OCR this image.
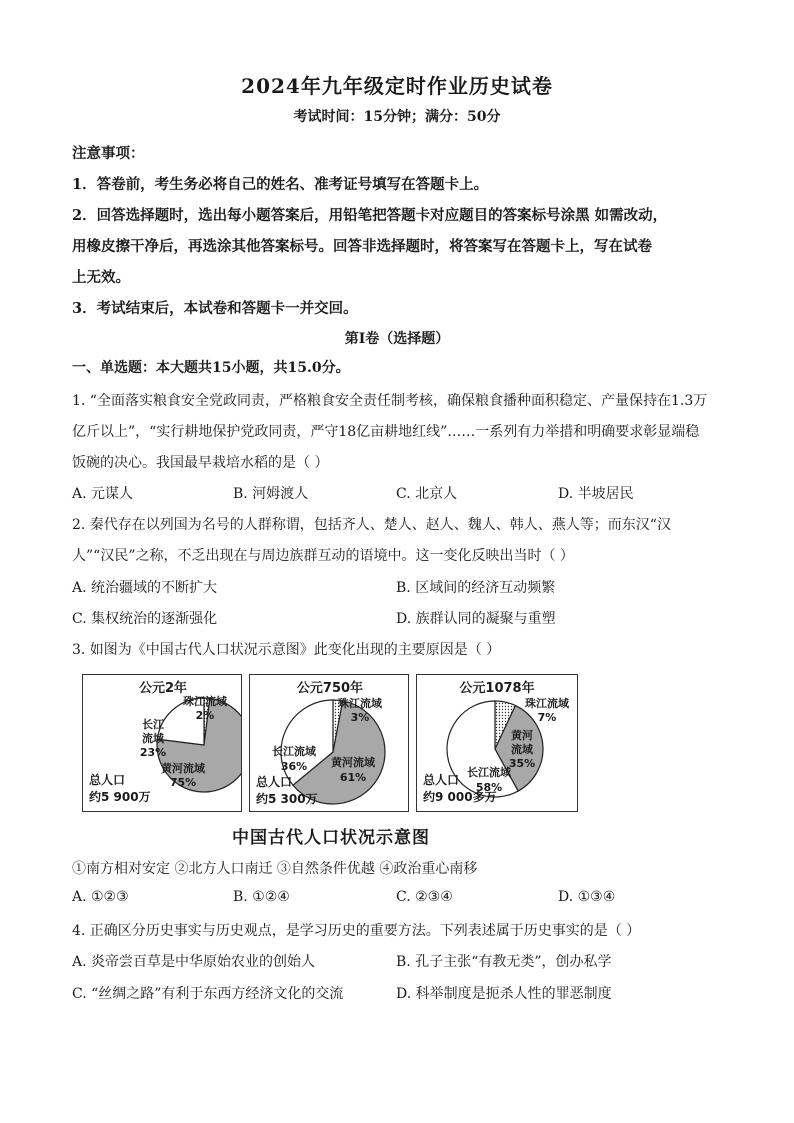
2024年九年级定时作业历史试卷
考试时间：15分钟；满分：50分
注意事项：
1．答卷前，考生务必将自己的姓名、准考证号填写在答题卡上。
2．回答选择题时，选出每小题答案后，用铅笔把答题卡对应题目的答案标号涂黑 如需改动，
用橡皮擦干净后，再选涂其他答案标号。回答非选择题时，将答案写在答题卡上，写在试卷
上无效。
3．考试结束后，本试卷和答题卡一并交回。
第Ⅰ卷（选择题）
一、单选题：本大题共15小题，共15.0分。
1. “全面落实粮食安全党政同责，严格粮食安全责任制考核，确保粮食播种面积稳定、产量保持在1.3万
亿斤以上”，“实行耕地保护党政同责，严守18亿亩耕地红线”……一系列有力举措和明确要求彰显端稳
饭碗的决心。我国最早栽培水稻的是（ ）
A. 元谋人	B. 河姆渡人	C. 北京人	D. 半坡居民
2. 秦代存在以列国为名号的人群称谓，包括齐人、楚人、赵人、魏人、韩人、燕人等；而东汉“汉
人”“汉民”之称，不乏出现在与周边族群互动的语境中。这一变化反映出当时（ ）
A. 统治疆域的不断扩大	B. 区域间的经济互动频繁
C. 集权统治的逐渐强化	D. 族群认同的凝聚与重塑
3. 如图为《中国古代人口状况示意图》此变化出现的主要原因是（ ）
公元2年
黄河流域
75%
长江
流域
23%
珠江流域
2%
总人口
约5 900万
公元750年
黄河流域
61%
长江流域
36%
珠江流域
3%
总人口
约5 300万
公元1078年
黄河
流域
35%
长江流域
58%
珠江流域
7%
总人口
约9 000多万
中国古代人口状况示意图
①南方相对安定 ②北方人口南迁 ③自然条件优越 ④政治重心南移
A. ①②③	B. ①②④	C. ②③④	D. ①③④
4. 正确区分历史事实与历史观点，是学习历史的重要方法。下列表述属于历史事实的是（ ）
A. 炎帝尝百草是中华原始农业的创始人	B. 孔子主张“有教无类”，创办私学
C. “丝绸之路”有利于东西方经济文化的交流	D. 科举制度是扼杀人性的罪恶制度
